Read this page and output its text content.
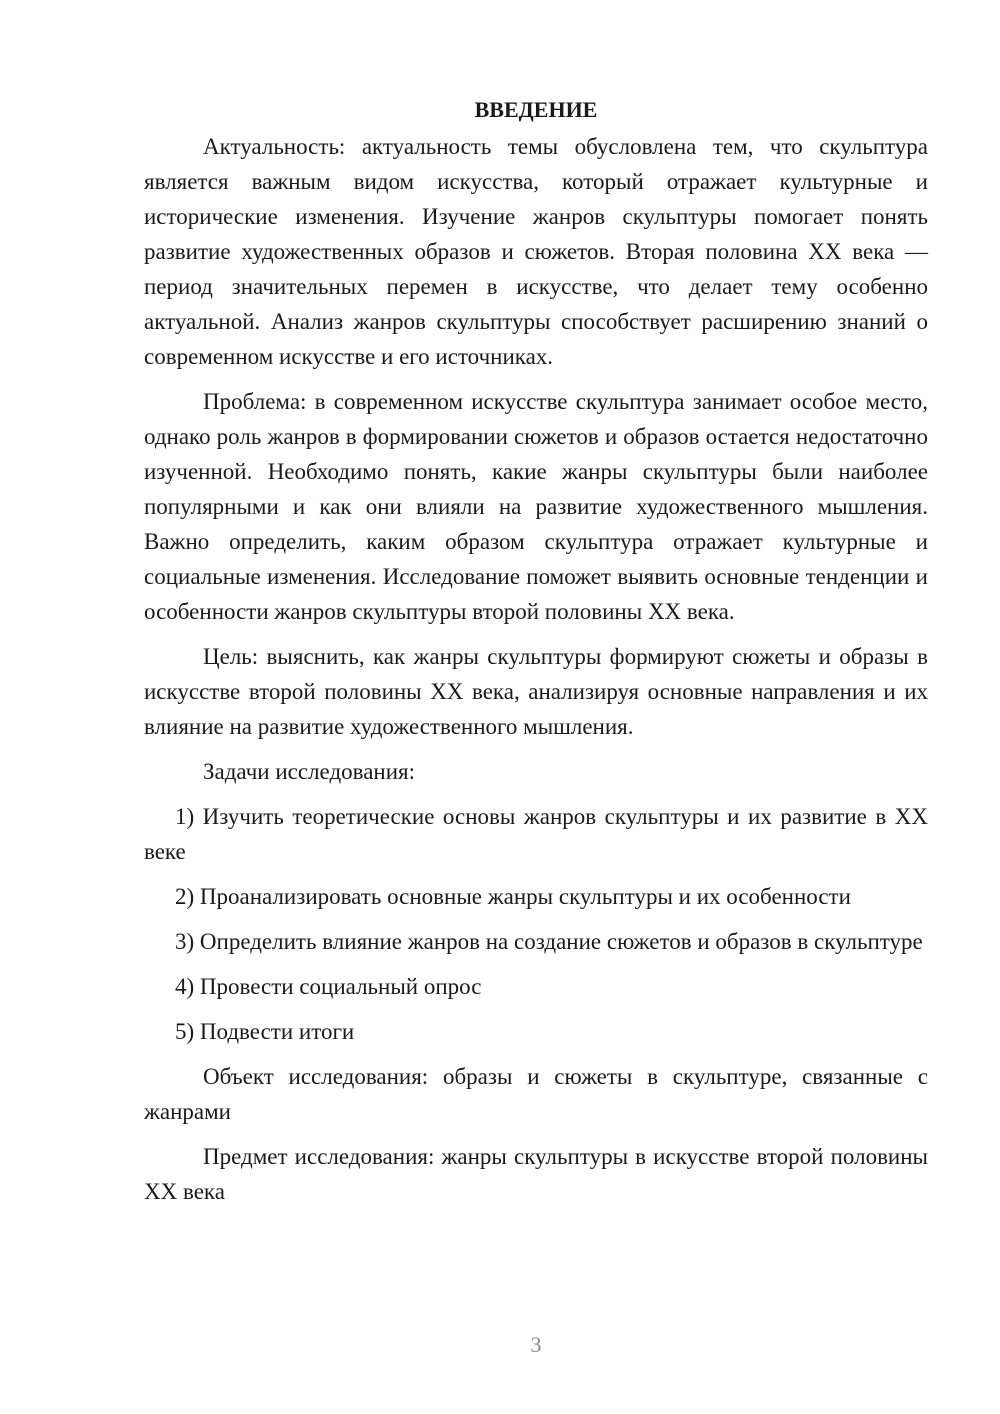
ВВЕДЕНИЕ

Актуальность: актуальность темы обусловлена тем, что скульптура является важным видом искусства, который отражает культурные и исторические изменения. Изучение жанров скульптуры помогает понять развитие художественных образов и сюжетов. Вторая половина XX века — период значительных перемен в искусстве, что делает тему особенно актуальной. Анализ жанров скульптуры способствует расширению знаний о современном искусстве и его источниках.

Проблема: в современном искусстве скульптура занимает особое место, однако роль жанров в формировании сюжетов и образов остается недостаточно изученной. Необходимо понять, какие жанры скульптуры были наиболее популярными и как они влияли на развитие художественного мышления. Важно определить, каким образом скульптура отражает культурные и социальные изменения. Исследование поможет выявить основные тенденции и особенности жанров скульптуры второй половины XX века.

Цель: выяснить, как жанры скульптуры формируют сюжеты и образы в искусстве второй половины XX века, анализируя основные направления и их влияние на развитие художественного мышления.

Задачи исследования:

1) Изучить теоретические основы жанров скульптуры и их развитие в XX веке

2) Проанализировать основные жанры скульптуры и их особенности

3) Определить влияние жанров на создание сюжетов и образов в скульптуре

4) Провести социальный опрос

5) Подвести итоги

Объект исследования: образы и сюжеты в скульптуре, связанные с жанрами

Предмет исследования: жанры скульптуры в искусстве второй половины XX века

3
